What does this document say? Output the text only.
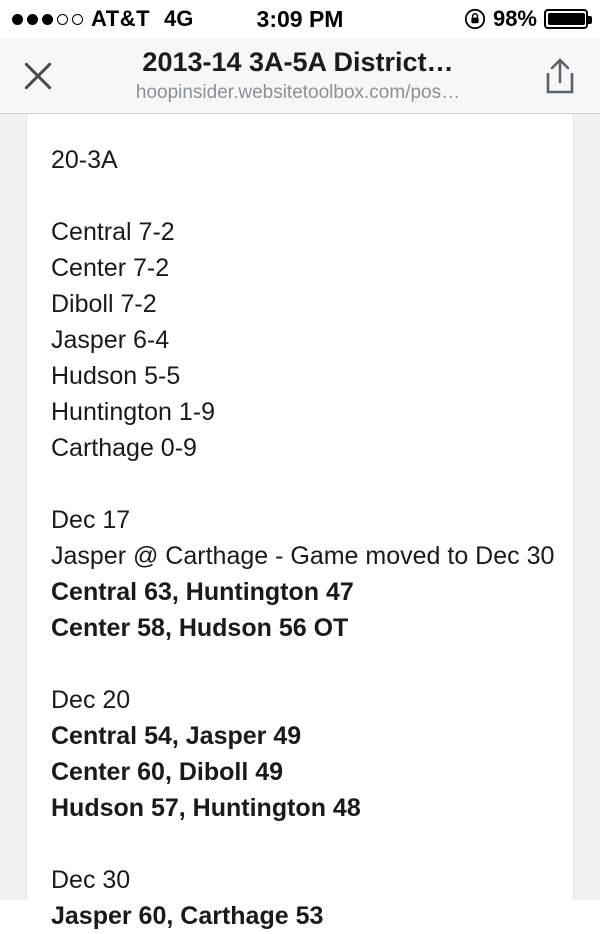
AT&T 4G	3:09 PM	98%
2013-14 3A-5A District…
hoopinsider.websitetoolbox.com/pos…
20-3A
Central 7-2
Center 7-2
Diboll 7-2
Jasper 6-4
Hudson 5-5
Huntington 1-9
Carthage 0-9
Dec 17
Jasper @ Carthage - Game moved to Dec 30
Central 63, Huntington 47
Center 58, Hudson 56 OT
Dec 20
Central 54, Jasper 49
Center 60, Diboll 49
Hudson 57, Huntington 48
Dec 30
Jasper 60, Carthage 53
